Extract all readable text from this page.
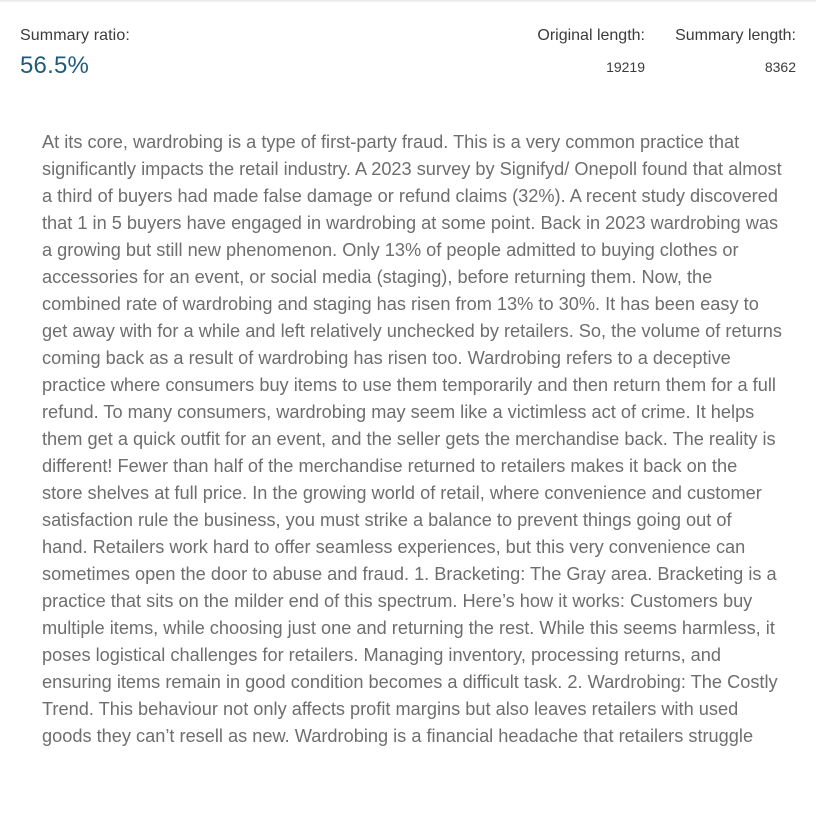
Summary ratio:
56.5%
Original length:
19219
Summary length:
8362

At its core, wardrobing is a type of first-party fraud. This is a very common practice that significantly impacts the retail industry. A 2023 survey by Signifyd/ Onepoll found that almost a third of buyers had made false damage or refund claims (32%). A recent study discovered that 1 in 5 buyers have engaged in wardrobing at some point. Back in 2023 wardrobing was a growing but still new phenomenon. Only 13% of people admitted to buying clothes or accessories for an event, or social media (staging), before returning them. Now, the combined rate of wardrobing and staging has risen from 13% to 30%. It has been easy to get away with for a while and left relatively unchecked by retailers. So, the volume of returns coming back as a result of wardrobing has risen too. Wardrobing refers to a deceptive practice where consumers buy items to use them temporarily and then return them for a full refund. To many consumers, wardrobing may seem like a victimless act of crime. It helps them get a quick outfit for an event, and the seller gets the merchandise back. The reality is different! Fewer than half of the merchandise returned to retailers makes it back on the store shelves at full price. In the growing world of retail, where convenience and customer satisfaction rule the business, you must strike a balance to prevent things going out of hand. Retailers work hard to offer seamless experiences, but this very convenience can sometimes open the door to abuse and fraud. 1. Bracketing: The Gray area. Bracketing is a practice that sits on the milder end of this spectrum. Here’s how it works: Customers buy multiple items, while choosing just one and returning the rest. While this seems harmless, it poses logistical challenges for retailers. Managing inventory, processing returns, and ensuring items remain in good condition becomes a difficult task. 2. Wardrobing: The Costly Trend. This behaviour not only affects profit margins but also leaves retailers with used goods they can’t resell as new. Wardrobing is a financial headache that retailers struggle
